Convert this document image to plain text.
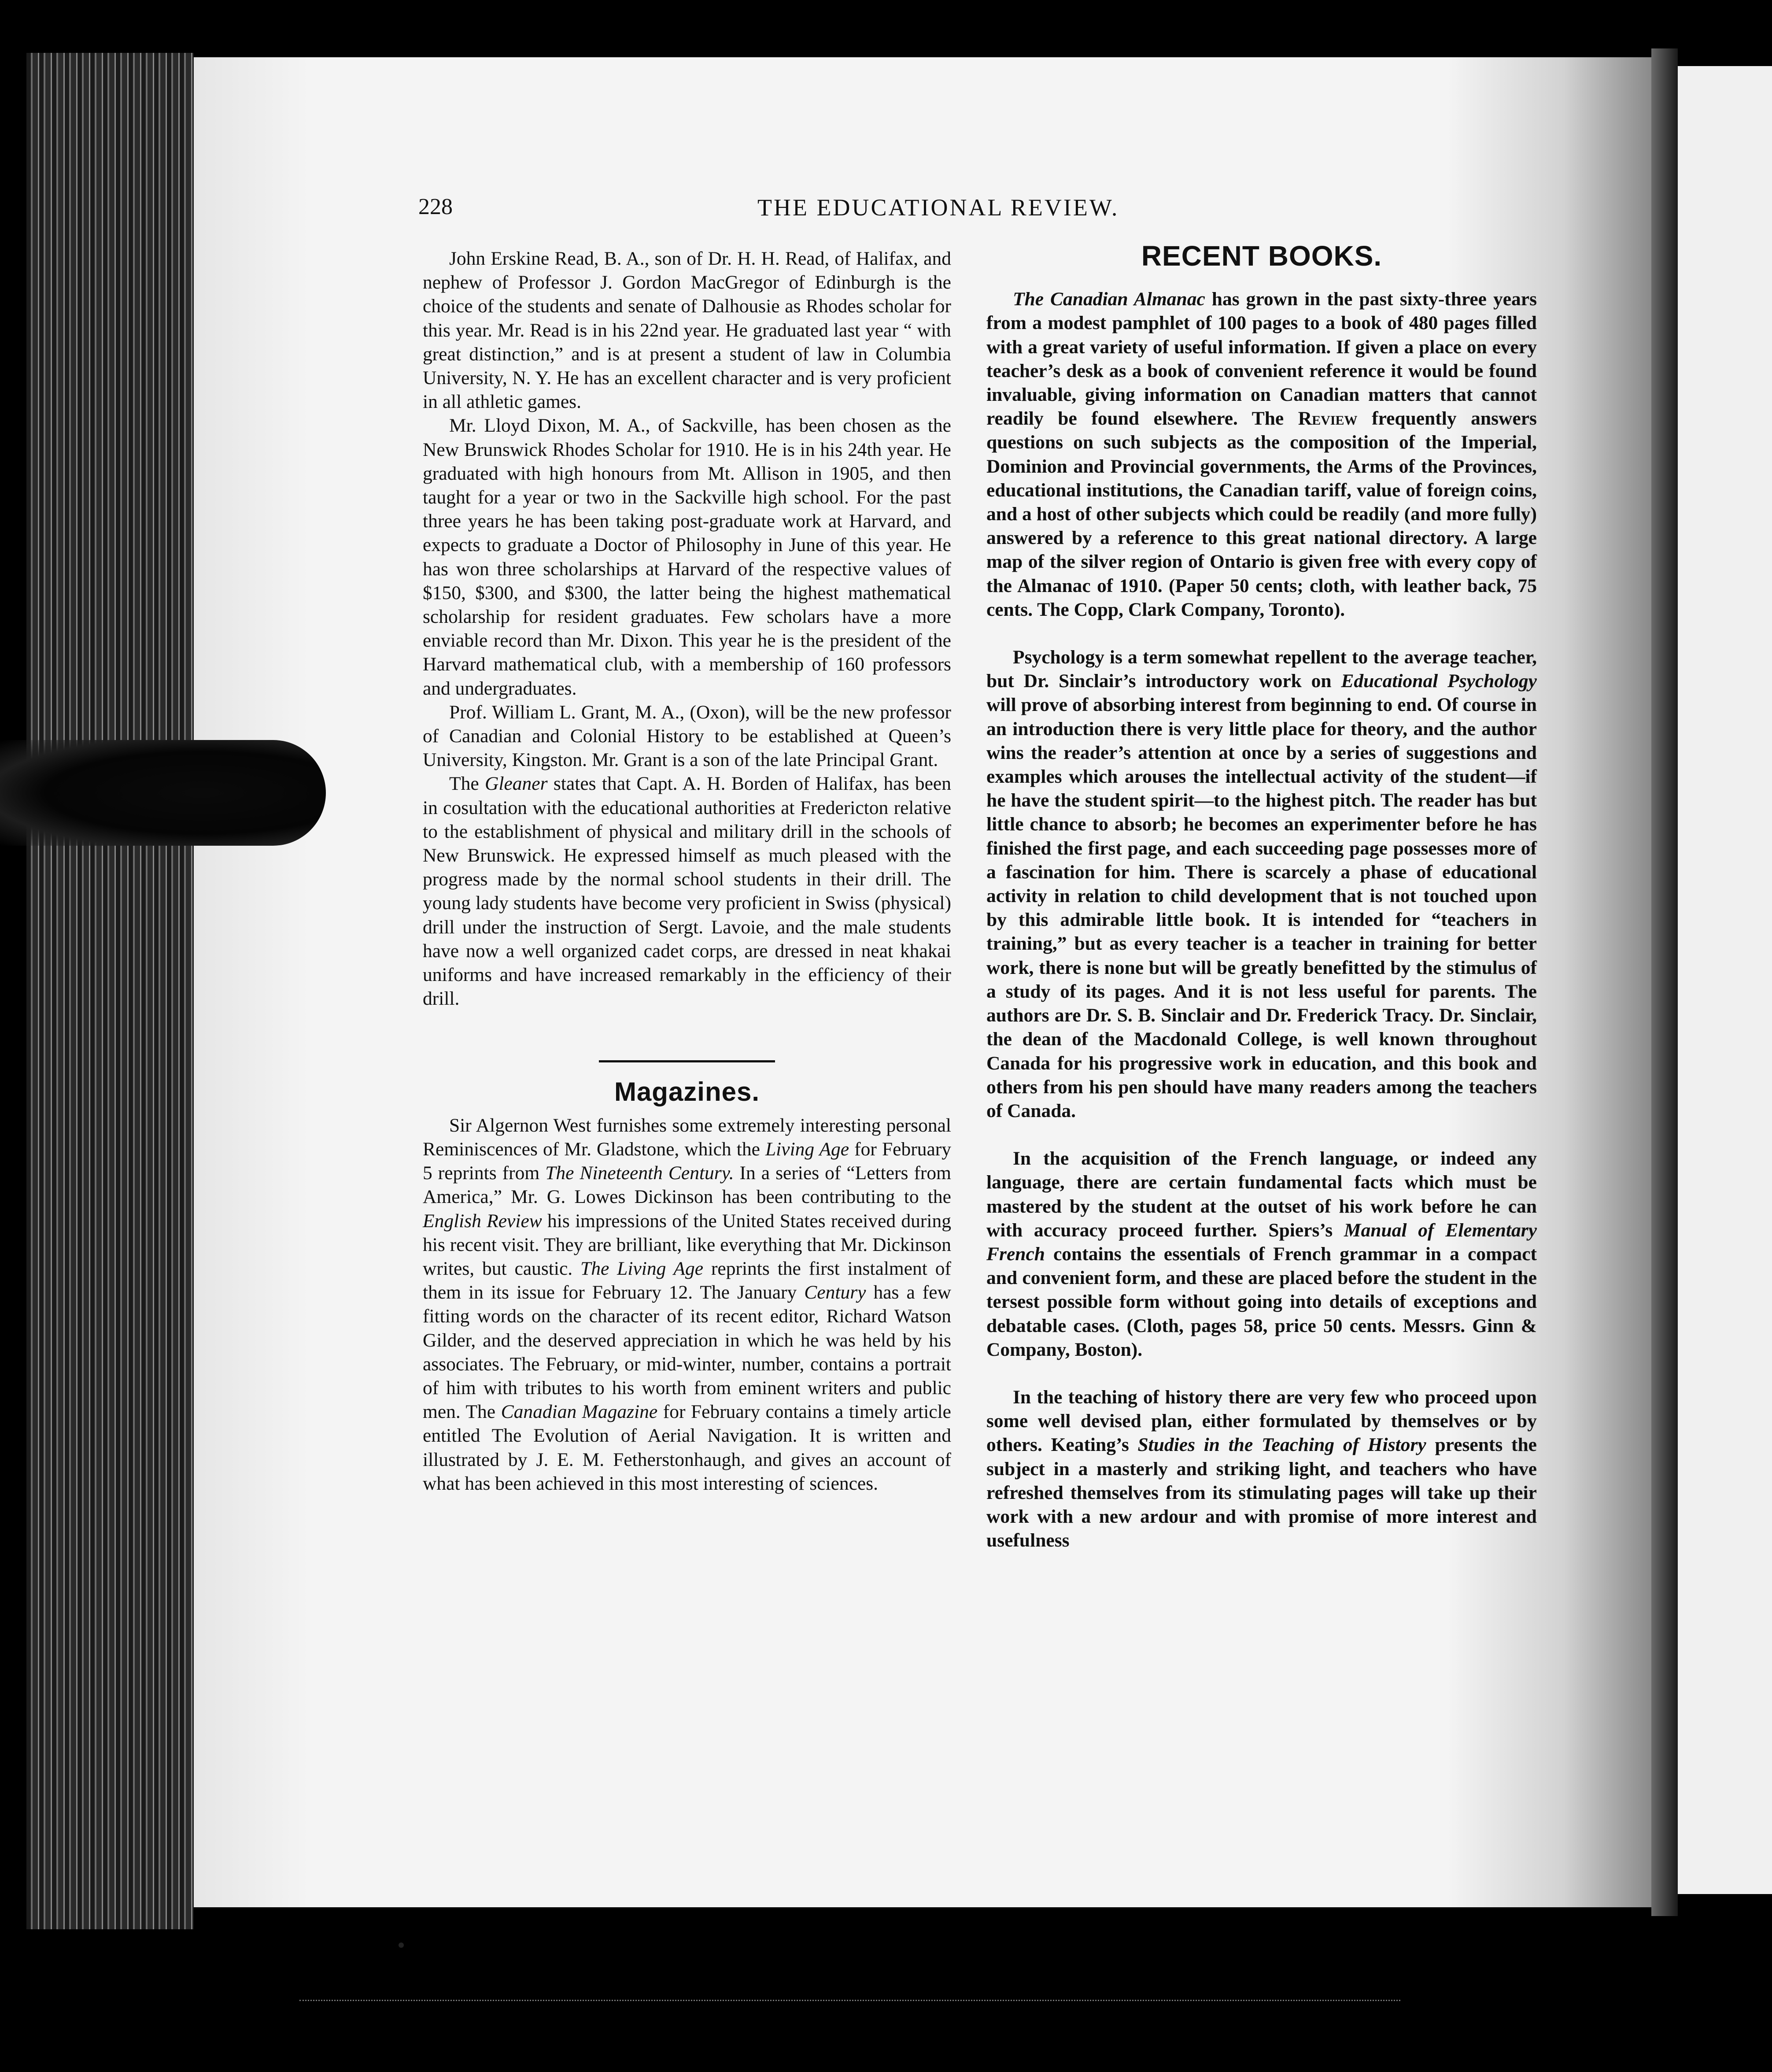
228	THE EDUCATIONAL REVIEW.

John Erskine Read, B. A., son of Dr. H. H. Read, of Halifax, and nephew of Professor J. Gordon MacGregor of Edinburgh is the choice of the students and senate of Dalhousie as Rhodes scholar for this year. Mr. Read is in his 22nd year. He graduated last year “ with great distinction,” and is at present a student of law in Columbia University, N. Y. He has an excellent character and is very proficient in all athletic games.

Mr. Lloyd Dixon, M. A., of Sackville, has been chosen as the New Brunswick Rhodes Scholar for 1910. He is in his 24th year. He graduated with high honours from Mt. Allison in 1905, and then taught for a year or two in the Sackville high school. For the past three years he has been taking post-graduate work at Harvard, and expects to graduate a Doctor of Philosophy in June of this year. He has won three scholarships at Harvard of the respective values of $150, $300, and $300, the latter being the highest mathematical scholarship for resident graduates. Few scholars have a more enviable record than Mr. Dixon. This year he is the president of the Harvard mathematical club, with a membership of 160 professors and undergraduates.

Prof. William L. Grant, M. A., (Oxon), will be the new professor of Canadian and Colonial History to be established at Queen’s University, Kingston. Mr. Grant is a son of the late Principal Grant.

The Gleaner states that Capt. A. H. Borden of Halifax, has been in cosultation with the educational authorities at Fredericton relative to the establishment of physical and military drill in the schools of New Brunswick. He expressed himself as much pleased with the progress made by the normal school students in their drill. The young lady students have become very proficient in Swiss (physical) drill under the instruction of Sergt. Lavoie, and the male students have now a well organized cadet corps, are dressed in neat khakai uniforms and have increased remarkably in the efficiency of their drill.

Magazines.

Sir Algernon West furnishes some extremely interesting personal Reminiscences of Mr. Gladstone, which the Living Age for February 5 reprints from The Nineteenth Century. In a series of “Letters from America,” Mr. G. Lowes Dickinson has been contributing to the English Review his impressions of the United States received during his recent visit. They are brilliant, like everything that Mr. Dickinson writes, but caustic. The Living Age reprints the first instalment of them in its issue for February 12. The January Century has a few fitting words on the character of its recent editor, Richard Watson Gilder, and the deserved appreciation in which he was held by his associates. The February, or mid-winter, number, contains a portrait of him with tributes to his worth from eminent writers and public men. The Canadian Magazine for February contains a timely article entitled The Evolution of Aerial Navigation. It is written and illustrated by J. E. M. Fetherstonhaugh, and gives an account of what has been achieved in this most interesting of sciences.

RECENT BOOKS.

The Canadian Almanac has grown in the past sixty-three years from a modest pamphlet of 100 pages to a book of 480 pages filled with a great variety of useful information. If given a place on every teacher’s desk as a book of convenient reference it would be found invaluable, giving information on Canadian matters that cannot readily be found elsewhere. The Review frequently answers questions on such subjects as the composition of the Imperial, Dominion and Provincial governments, the Arms of the Provinces, educational institutions, the Canadian tariff, value of foreign coins, and a host of other subjects which could be readily (and more fully) answered by a reference to this great national directory. A large map of the silver region of Ontario is given free with every copy of the Almanac of 1910. (Paper 50 cents; cloth, with leather back, 75 cents. The Copp, Clark Company, Toronto).

Psychology is a term somewhat repellent to the average teacher, but Dr. Sinclair’s introductory work on Educational Psychology will prove of absorbing interest from beginning to end. Of course in an introduction there is very little place for theory, and the author wins the reader’s attention at once by a series of suggestions and examples which arouses the intellectual activity of the student—if he have the student spirit—to the highest pitch. The reader has but little chance to absorb; he becomes an experimenter before he has finished the first page, and each succeeding page possesses more of a fascination for him. There is scarcely a phase of educational activity in relation to child development that is not touched upon by this admirable little book. It is intended for “teachers in training,” but as every teacher is a teacher in training for better work, there is none but will be greatly benefitted by the stimulus of a study of its pages. And it is not less useful for parents. The authors are Dr. S. B. Sinclair and Dr. Frederick Tracy. Dr. Sinclair, the dean of the Macdonald College, is well known throughout Canada for his progressive work in education, and this book and others from his pen should have many readers among the teachers of Canada.

In the acquisition of the French language, or indeed any language, there are certain fundamental facts which must be mastered by the student at the outset of his work before he can with accuracy proceed further. Spiers’s Manual of Elementary French contains the essentials of French grammar in a compact and convenient form, and these are placed before the student in the tersest possible form without going into details of exceptions and debatable cases. (Cloth, pages 58, price 50 cents. Messrs. Ginn & Company, Boston).

In the teaching of history there are very few who proceed upon some well devised plan, either formulated by themselves or by others. Keating’s Studies in the Teaching of History presents the subject in a masterly and striking light, and teachers who have refreshed themselves from its stimulating pages will take up their work with a new ardour and with promise of more interest and usefulness
